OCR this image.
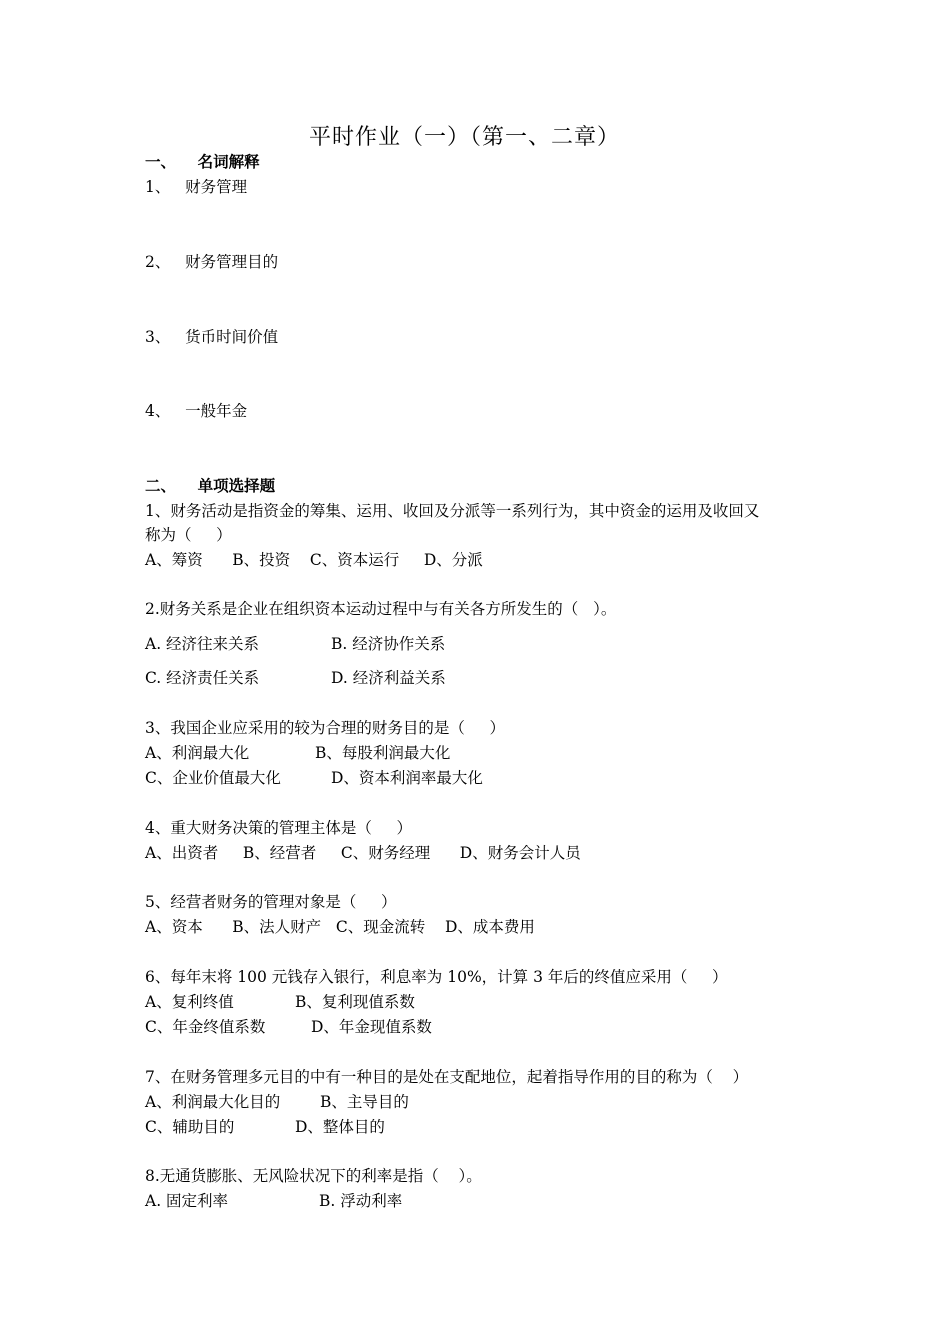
平时作业（一）（第一、二章）
一、    名词解释
1、   财务管理
2、   财务管理目的
3、   货币时间价值
4、   一般年金
二、    单项选择题
1、财务活动是指资金的筹集、运用、收回及分派等一系列行为，其中资金的运用及收回又
称为（     ）
A、筹资      B、投资    C、资本运行     D、分派
2.财务关系是企业在组织资本运动过程中与有关各方所发生的（   ）。
A. 经济往来关系	B. 经济协作关系
C. 经济责任关系	D. 经济利益关系
3、我国企业应采用的较为合理的财务目的是（     ）
A、利润最大化	B、每股利润最大化
C、企业价值最大化	D、资本利润率最大化
4、重大财务决策的管理主体是（     ）
A、出资者     B、经营者     C、财务经理      D、财务会计人员
5、经营者财务的管理对象是（     ）
A、资本      B、法人财产   C、现金流转    D、成本费用
6、每年末将 100 元钱存入银行，利息率为 10%，计算 3 年后的终值应采用（     ）
A、复利终值	B、复利现值系数
C、年金终值系数	D、年金现值系数
7、在财务管理多元目的中有一种目的是处在支配地位，起着指导作用的目的称为（    ）
A、利润最大化目的	B、主导目的
C、辅助目的	D、整体目的
8.无通货膨胀、无风险状况下的利率是指（    ）。
A. 固定利率	B. 浮动利率
